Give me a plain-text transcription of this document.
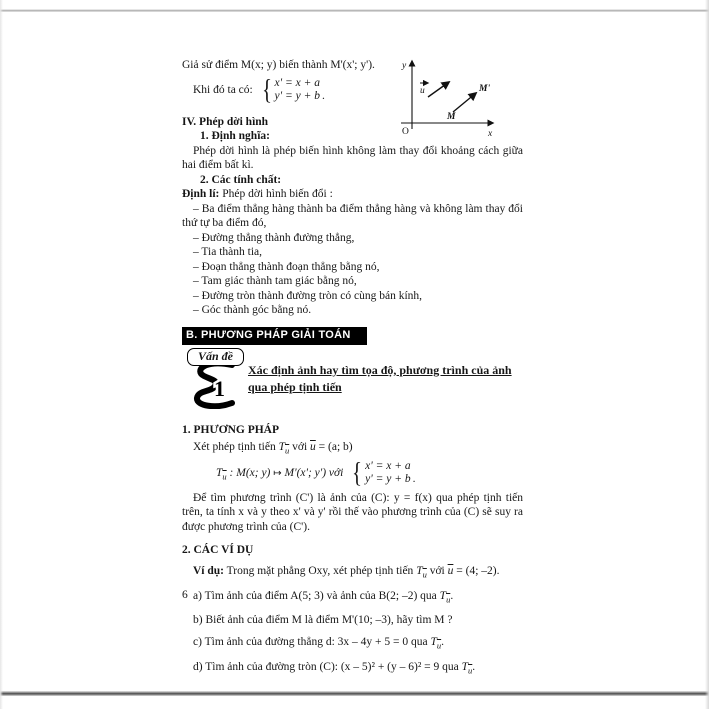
Giả sử điểm M(x; y) biến thành M'(x'; y').

Khi đó ta có: { x' = x + a
y' = y + b .

y
x
O
u
M
M'

IV. Phép dời hình

1. Định nghĩa:

Phép dời hình là phép biến hình không làm thay đổi khoảng cách giữa hai điểm bất kì.

2. Các tính chất:

Định lí: Phép dời hình biến đổi :

– Ba điểm thẳng hàng thành ba điểm thẳng hàng và không làm thay đổi thứ tự ba điểm đó,

– Đường thẳng thành đường thẳng,

– Tia thành tia,

– Đoạn thẳng thành đoạn thẳng bằng nó,

– Tam giác thành tam giác bằng nó,

– Đường tròn thành đường tròn có cùng bán kính,

– Góc thành góc bằng nó.

B. PHƯƠNG PHÁP GIẢI TOÁN
1
Vấn đề
Xác định ảnh hay tìm tọa độ, phương trình của ảnh
qua phép tịnh tiến

1. PHƯƠNG PHÁP

Xét phép tịnh tiến $T_{\overline{u}}$ với $\overline{u} = (a$; b)

$T_{\overline{u}}$ : M(x; y) ↦ M'(x'; y') với { x' = x + a
y' = y + b .

Để tìm phương trình (C') là ảnh của (C): y = f(x) qua phép tịnh tiến trên, ta tính x và y theo x' và y' rồi thế vào phương trình của (C) sẽ suy ra được phương trình của (C').

2. CÁC VÍ DỤ

Ví dụ: Trong mặt phẳng Oxy, xét phép tịnh tiến $T_{\overline{u}}$ với $\overline{u} = (4$; –2).

a) Tìm ảnh của điểm A(5; 3) và ảnh của B(2; –2) qua $T_{\overline{u}}$.

b) Biết ảnh của điểm M là điểm M'(10; –3), hãy tìm M ?

c) Tìm ảnh của đường thẳng d: 3x – 4y + 5 = 0 qua $T_{\overline{u}}$.

d) Tìm ảnh của đường tròn (C): (x – 5)² + (y – 6)² = 9 qua $T_{\overline{u}}$.

6
